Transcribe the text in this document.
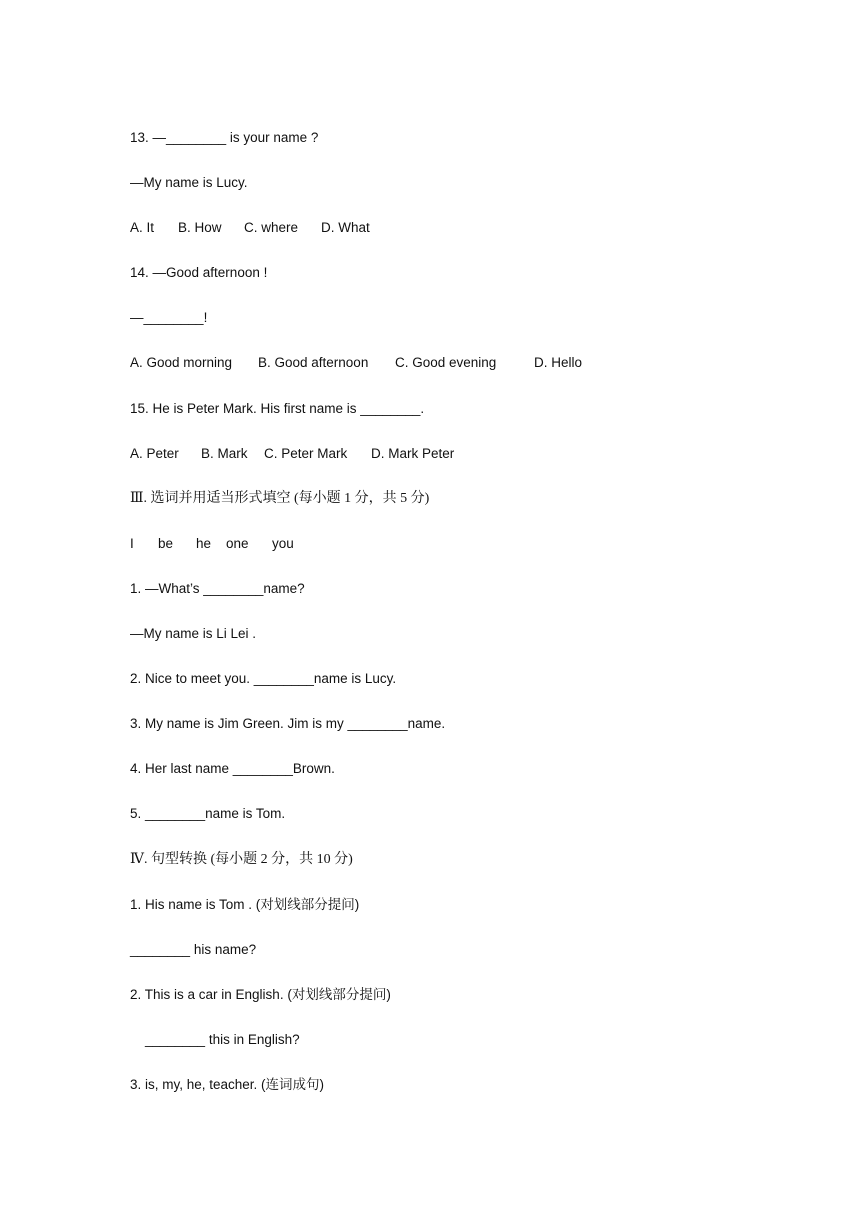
13. —________ is your name ?
—My name is Lucy.
A. It	B. How	C. where	D. What
14. —Good afternoon !
—________!
A. Good morning	B. Good afternoon	C. Good evening	D. Hello
15. He is Peter Mark. His first name is ________.
A. Peter	B. Mark	C. Peter Mark	D. Mark Peter
Ⅲ. 选词并用适当形式填空 (每小题 1 分，共 5 分)
I	be	he	one	you
1. —What’s ________name?
—My name is Li Lei .
2. Nice to meet you. ________name is Lucy.
3. My name is Jim Green. Jim is my ________name.
4. Her last name ________Brown.
5. ________name is Tom.
Ⅳ. 句型转换 (每小题 2 分，共 10 分)
1. His name is Tom . (对划线部分提问)
________ his name?
2. This is a car in English. (对划线部分提问)
________ this in English?
3. is, my, he, teacher. (连词成句)
